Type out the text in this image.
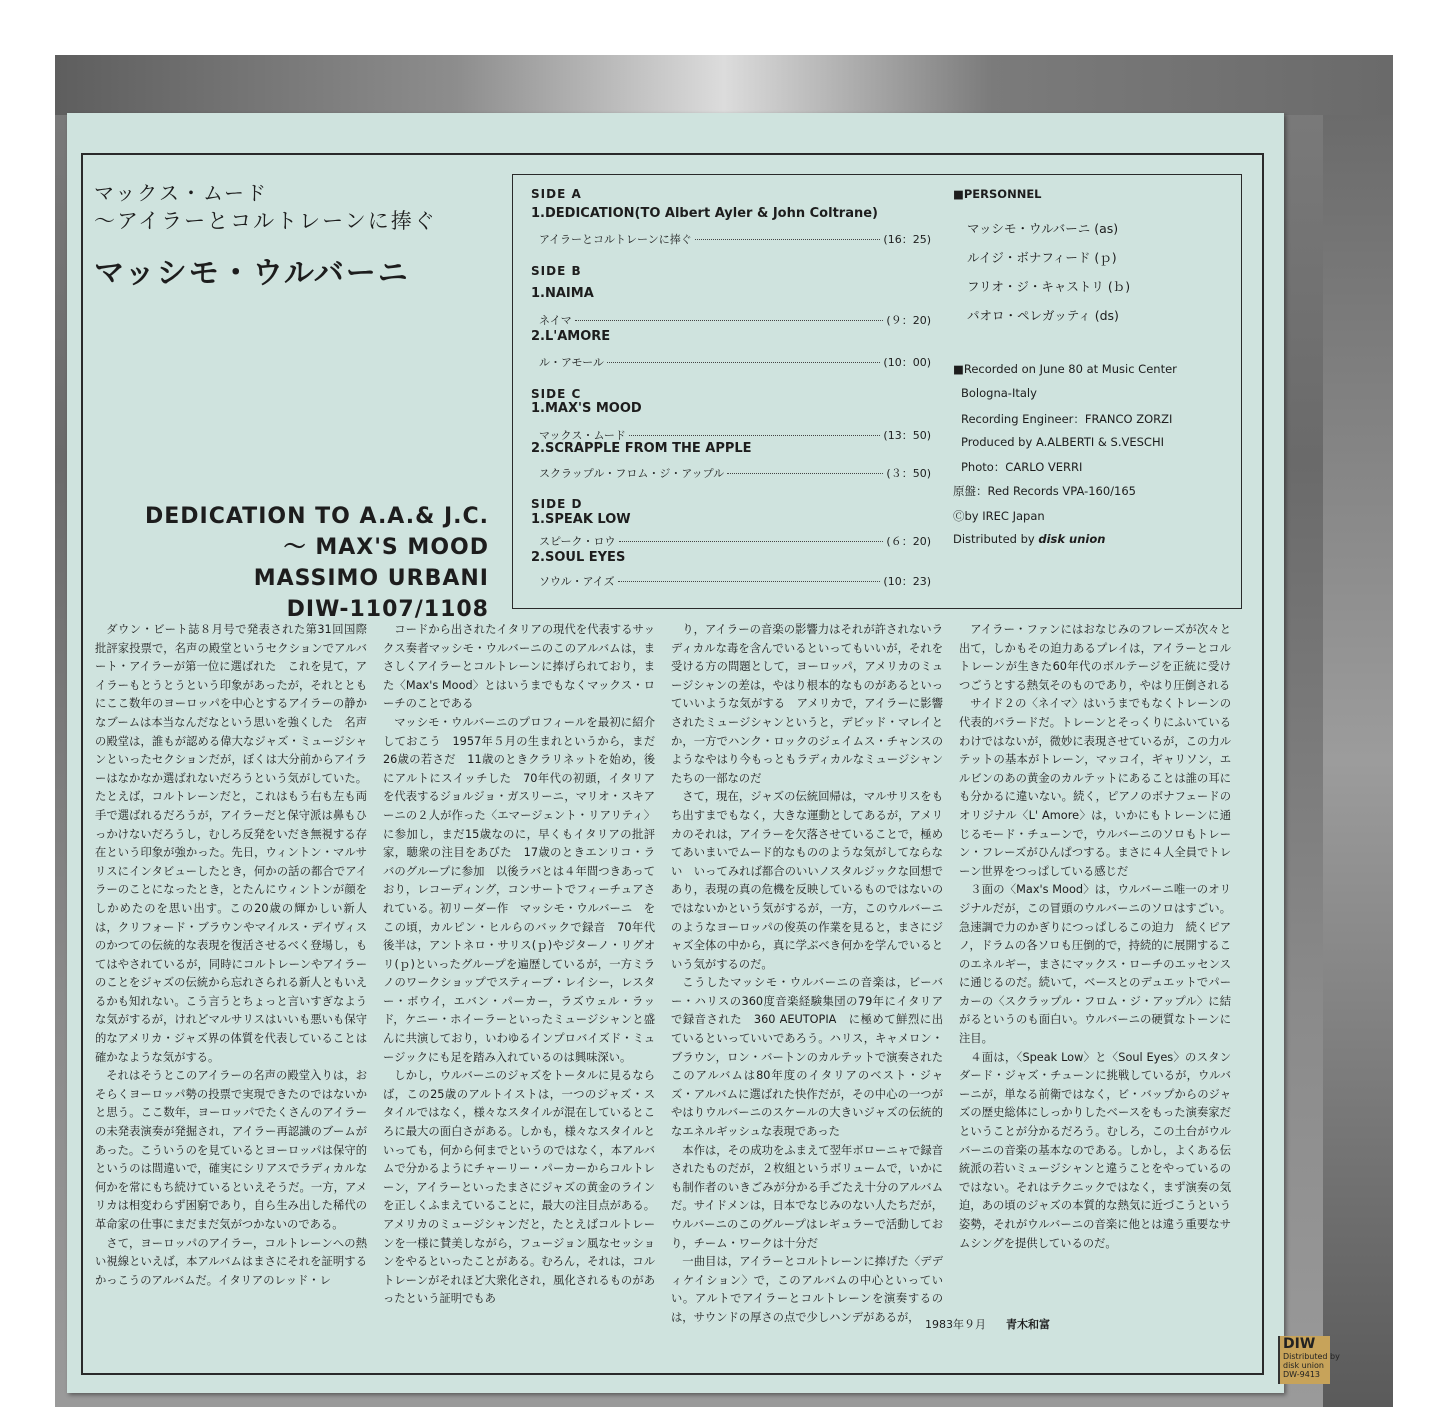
マックス・ムード
〜アイラーとコルトレーンに捧ぐ
マッシモ・ウルバーニ
DEDICATION TO A.A.& J.C.
〜 MAX'S MOOD
MASSIMO URBANI
DIW-1107/1108
SIDE A
1.DEDICATION(TO Albert Ayler & John Coltrane)
アイラーとコルトレーンに捧ぐ	(16：25)
SIDE B
1.NAIMA
ネイマ	(９：20)
2.L'AMORE
ル・アモール	(10：00)
SIDE C
1.MAX'S MOOD
マックス・ムード	(13：50)
2.SCRAPPLE FROM THE APPLE
スクラップル・フロム・ジ・アップル	(３：50)
SIDE D
1.SPEAK LOW
スピーク・ロウ	(６：20)
2.SOUL EYES
ソウル・アイズ	(10：23)
■PERSONNEL
マッシモ・ウルバーニ (as)
ルイジ・ボナフィード (ｐ)
フリオ・ジ・キャストリ (ｂ)
パオロ・ペレガッティ (ds)
■Recorded on June 80 at Music Center
Bologna-Italy
Recording Engineer：FRANCO ZORZI
Produced by A.ALBERTI & S.VESCHI
Photo：CARLO VERRI
原盤：Red Records VPA-160/165
Ⓒby IREC Japan
Distributed by disk union

ダウン・ビート誌８月号で発表された第31回国際批評家投票で，名声の殿堂というセクションでアルバート・アイラーが第一位に選ばれた　これを見て，アイラーもとうとうという印象があったが，それとともにここ数年のヨーロッパを中心とするアイラーの静かなブームは本当なんだなという思いを強くした　名声の殿堂は，誰もが認める偉大なジャズ・ミュージシャンといったセクションだが，ぼくは大分前からアイラーはなかなか選ばれないだろうという気がしていた。たとえば，コルトレーンだと，これはもう右も左も両手で選ばれるだろうが，アイラーだと保守派は鼻もひっかけないだろうし，むしろ反発をいだき無視する存在という印象が強かった。先日，ウィントン・マルサリスにインタビューしたとき，何かの話の都合でアイラーのことになったとき，とたんにウィントンが顔をしかめたのを思い出す。この20歳の輝かしい新人は，クリフォード・ブラウンやマイルス・デイヴィスのかつての伝統的な表現を復活させるべく登場し，もてはやされているが，同時にコルトレーンやアイラーのことをジャズの伝統から忘れさられる新人ともいえるかも知れない。こう言うとちょっと言いすぎなような気がするが，けれどマルサリスはいいも悪いも保守的なアメリカ・ジャズ界の体質を代表していることは確かなような気がする。

それはそうとこのアイラーの名声の殿堂入りは，おそらくヨーロッパ勢の投票で実現できたのではないかと思う。ここ数年，ヨーロッパでたくさんのアイラーの未発表演奏が発掘され，アイラー再認識のブームがあった。こういうのを見ているとヨーロッパは保守的というのは間違いで，確実にシリアスでラディカルな何かを常にもち続けているといえそうだ。一方，アメリカは相変わらず困窮であり，自ら生み出した稀代の革命家の仕事にまだまだ気がつかないのである。

さて，ヨーロッパのアイラー，コルトレーンへの熱い視線といえば，本アルバムはまさにそれを証明するかっこうのアルバムだ。イタリアのレッド・レ

コードから出されたイタリアの現代を代表するサックス奏者マッシモ・ウルバーニのこのアルバムは，まさしくアイラーとコルトレーンに捧げられており，また〈Max's Mood〉とはいうまでもなくマックス・ローチのことである

マッシモ・ウルバーニのプロフィールを最初に紹介しておこう　1957年５月の生まれというから，まだ26歳の若さだ　11歳のときクラリネットを始め，後にアルトにスイッチした　70年代の初頭，イタリアを代表するジョルジョ・ガスリーニ，マリオ・スキアーニの２人が作った〈エマージェント・リアリティ〉に参加し，まだ15歳なのに，早くもイタリアの批評家，聴衆の注目をあびた　17歳のときエンリコ・ラバのグループに参加　以後ラバとは４年間つきあっており，レコーディング，コンサートでフィーチュアされている。初リーダー作　マッシモ・ウルバーニ　をこの頃，カルピン・ヒルらのバックで録音　70年代後半は，アントネロ・サリス(ｐ)やジターノ・リグオリ(ｐ)といったグループを遍歴しているが，一方ミラノのワークショップでスティーブ・レイシー，レスター・ボウイ，エバン・パーカー，ラズウェル・ラッド，ケニー・ホイーラーといったミュージシャンと盛んに共演しており，いわゆるインプロバイズド・ミュージックにも足を踏み入れているのは興味深い。

しかし，ウルバーニのジャズをトータルに見るならば，この25歳のアルトイストは，一つのジャズ・スタイルではなく，様々なスタイルが混在しているところに最大の面白さがある。しかも，様々なスタイルといっても，何から何までというのではなく，本アルバムで分かるようにチャーリー・パーカーからコルトレーン，アイラーといったまさにジャズの黄金のラインを正しくふまえていることに，最大の注目点がある。アメリカのミュージシャンだと，たとえばコルトレーンを一様に賛美しながら，フュージョン風なセッションをやるといったことがある。むろん，それは，コルトレーンがそれほど大衆化され，風化されるものがあったという証明でもあ

り，アイラーの音楽の影響力はそれが許されないラディカルな毒を含んでいるといってもいいが，それを受ける方の問題として，ヨーロッパ，アメリカのミュージシャンの差は，やはり根本的なものがあるといっていいような気がする　アメリカで，アイラーに影響されたミュージシャンというと，デビッド・マレイとか，一方でハンク・ロックのジェイムス・チャンスのようなやはり今もっともラディカルなミュージシャンたちの一部なのだ

さて，現在，ジャズの伝統回帰は，マルサリスをもち出すまでもなく，大きな運動としてあるが，アメリカのそれは，アイラーを欠落させていることで，極めてあいまいでムード的なもののような気がしてならない　いってみれば都合のいいノスタルジックな回想であり，表現の真の危機を反映しているものではないのではないかという気がするが，一方，このウルバーニのようなヨーロッパの俊英の作業を見ると，まさにジャズ全体の中から，真に学ぶべき何かを学んでいるという気がするのだ。

こうしたマッシモ・ウルバーニの音楽は，ビーバー・ハリスの360度音楽経験集団の79年にイタリアで録音された　360 AEUTOPIA　に極めて鮮烈に出ているといっていいであろう。ハリス，キャメロン・ブラウン，ロン・バートンのカルテットで演奏されたこのアルバムは80年度のイタリアのベスト・ジャズ・アルバムに選ばれた快作だが，その中心の一つがやはりウルバーニのスケールの大きいジャズの伝統的なエネルギッシュな表現であった

本作は，その成功をふまえて翌年ボローニャで録音されたものだが，２枚組というボリュームで，いかにも制作者のいきごみが分かる手ごたえ十分のアルバムだ。サイドメンは，日本でなじみのない人たちだが，ウルバーニのこのグループはレギュラーで活動しており，チーム・ワークは十分だ

一曲目は，アイラーとコルトレーンに捧げた〈デディケイション〉で，このアルバムの中心といっていい。アルトでアイラーとコルトレーンを演奏するのは，サウンドの厚さの点で少しハンデがあるが，

アイラー・ファンにはおなじみのフレーズが次々と出て，しかもその迫力あるプレイは，アイラーとコルトレーンが生きた60年代のボルテージを正統に受けつごうとする熱気そのものであり，やはり圧倒される

サイド２の〈ネイマ〉はいうまでもなくトレーンの代表的バラードだ。トレーンとそっくりにふいているわけではないが，微妙に表現させているが，この力ルテットの基本がトレーン，マッコイ，ギャリソン，エルビンのあの黄金のカルテットにあることは誰の耳にも分かるに違いない。続く，ピアノのボナフェードのオリジナル〈L' Amore〉は，いかにもトレーンに通じるモード・チューンで，ウルバーニのソロもトレーン・フレーズがひんぱつする。まさに４人全員でトレーン世界をつっぱしている感じだ

３面の〈Max's Mood〉は，ウルバーニ唯一のオリジナルだが，この冒頭のウルバーニのソロはすごい。急速調で力のかぎりにつっぱしるこの迫力　続くピアノ，ドラムの各ソロも圧倒的で，持続的に展開するこのエネルギー，まさにマックス・ローチのエッセンスに通じるのだ。続いて，ベースとのデュエットでパーカーの〈スクラップル・フロム・ジ・アップル〉に結がるというのも面白い。ウルバーニの硬質なトーンに注目。

４面は，〈Speak Low〉と〈Soul Eyes〉のスタンダード・ジャズ・チューンに挑戦しているが，ウルバーニが，単なる前衛ではなく，ビ・バップからのジャズの歴史総体にしっかりしたベースをもった演奏家だということが分かるだろう。むしろ，この土台がウルバーニの音楽の基本なのである。しかし，よくある伝統派の若いミュージシャンと違うことをやっているのではない。それはテクニックではなく，まず演奏の気迫，あの頃のジャズの本質的な熱気に近づこうという姿勢，それがウルバーニの音楽に他とは違う重要なサムシングを提供しているのだ。

1983年９月 青木和富
DIW
Distributed by
disk union
DW-9413
